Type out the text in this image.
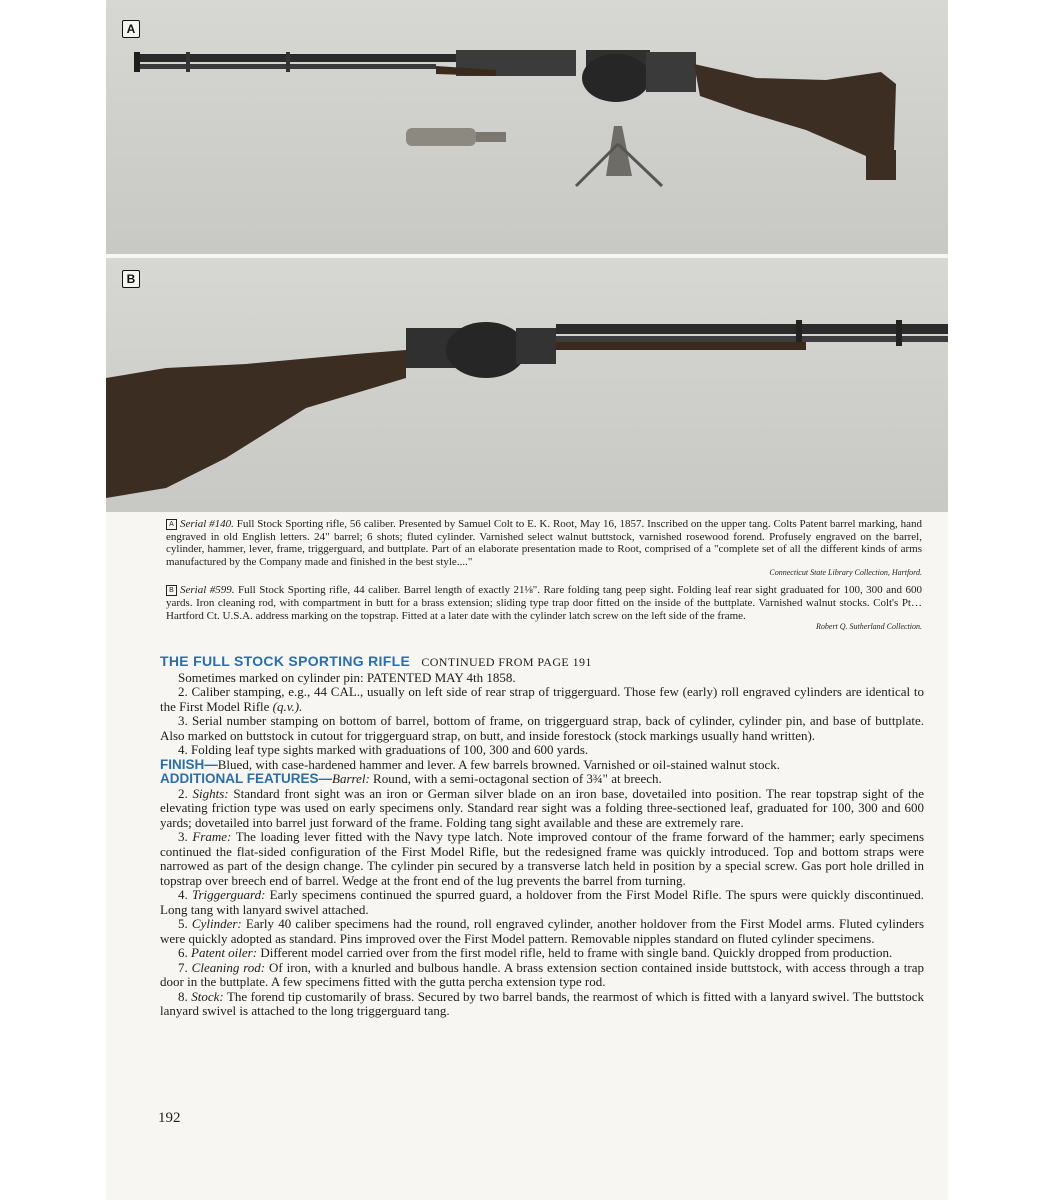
A
B
A Serial #140. Full Stock Sporting rifle, 56 caliber. Presented by Samuel Colt to E. K. Root, May 16, 1857. Inscribed on the upper tang. Colts Patent barrel marking, hand engraved in old English letters. 24" barrel; 6 shots; fluted cylinder. Varnished select walnut buttstock, varnished rosewood forend. Profusely engraved on the barrel, cylinder, hammer, lever, frame, triggerguard, and buttplate. Part of an elaborate presentation made to Root, comprised of a "complete set of all the different kinds of arms manufactured by the Company made and finished in the best style...."
Connecticut State Library Collection, Hartford.
B Serial #599. Full Stock Sporting rifle, 44 caliber. Barrel length of exactly 21⅛". Rare folding tang peep sight. Folding leaf rear sight graduated for 100, 300 and 600 yards. Iron cleaning rod, with compartment in butt for a brass extension; sliding type trap door fitted on the inside of the buttplate. Varnished walnut stocks. Colt's Pt…Hartford Ct. U.S.A. address marking on the topstrap. Fitted at a later date with the cylinder latch screw on the left side of the frame.
Robert Q. Sutherland Collection.
THE FULL STOCK SPORTING RIFLE CONTINUED FROM PAGE 191

Sometimes marked on cylinder pin: PATENTED MAY 4th 1858.

2. Caliber stamping, e.g., 44 CAL., usually on left side of rear strap of triggerguard. Those few (early) roll engraved cylinders are identical to the First Model Rifle (q.v.).

3. Serial number stamping on bottom of barrel, bottom of frame, on triggerguard strap, back of cylinder, cylinder pin, and base of buttplate. Also marked on buttstock in cutout for triggerguard strap, on butt, and inside forestock (stock markings usually hand written).

4. Folding leaf type sights marked with graduations of 100, 300 and 600 yards.

FINISH—Blued, with case-hardened hammer and lever. A few barrels browned. Varnished or oil-stained walnut stock.

ADDITIONAL FEATURES—Barrel: Round, with a semi-octagonal section of 3¾" at breech.

2. Sights: Standard front sight was an iron or German silver blade on an iron base, dovetailed into position. The rear topstrap sight of the elevating friction type was used on early specimens only. Standard rear sight was a folding three-sectioned leaf, graduated for 100, 300 and 600 yards; dovetailed into barrel just forward of the frame. Folding tang sight available and these are extremely rare.

3. Frame: The loading lever fitted with the Navy type latch. Note improved contour of the frame forward of the hammer; early specimens continued the flat-sided configuration of the First Model Rifle, but the redesigned frame was quickly introduced. Top and bottom straps were narrowed as part of the design change. The cylinder pin secured by a transverse latch held in position by a special screw. Gas port hole drilled in topstrap over breech end of barrel. Wedge at the front end of the lug prevents the barrel from turning.

4. Triggerguard: Early specimens continued the spurred guard, a holdover from the First Model Rifle. The spurs were quickly discontinued. Long tang with lanyard swivel attached.

5. Cylinder: Early 40 caliber specimens had the round, roll engraved cylinder, another holdover from the First Model arms. Fluted cylinders were quickly adopted as standard. Pins improved over the First Model pattern. Removable nipples standard on fluted cylinder specimens.

6. Patent oiler: Different model carried over from the first model rifle, held to frame with single band. Quickly dropped from production.

7. Cleaning rod: Of iron, with a knurled and bulbous handle. A brass extension section contained inside buttstock, with access through a trap door in the buttplate. A few specimens fitted with the gutta percha extension type rod.

8. Stock: The forend tip customarily of brass. Secured by two barrel bands, the rearmost of which is fitted with a lanyard swivel. The buttstock lanyard swivel is attached to the long triggerguard tang.

192
